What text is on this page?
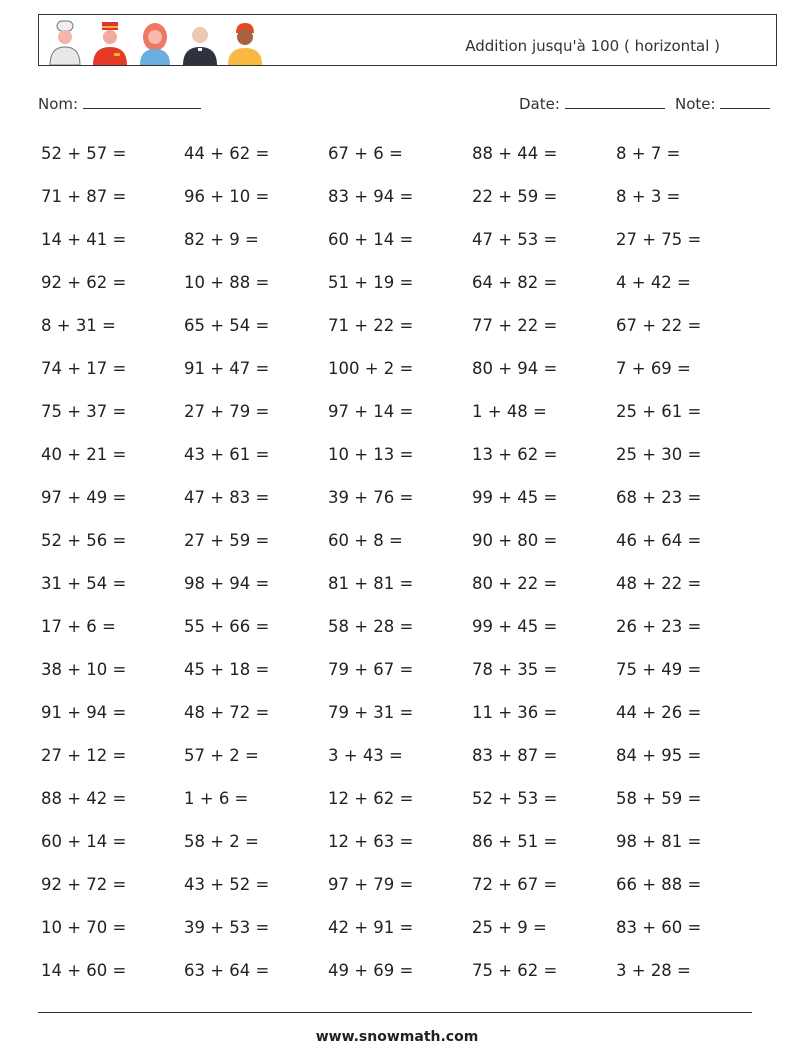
Addition jusqu'à 100 ( horizontal )
Nom:	Date:	Note:
52 + 57 =	44 + 62 =	67 + 6 =	88 + 44 =	8 + 7 =
71 + 87 =	96 + 10 =	83 + 94 =	22 + 59 =	8 + 3 =
14 + 41 =	82 + 9 =	60 + 14 =	47 + 53 =	27 + 75 =
92 + 62 =	10 + 88 =	51 + 19 =	64 + 82 =	4 + 42 =
8 + 31 =	65 + 54 =	71 + 22 =	77 + 22 =	67 + 22 =
74 + 17 =	91 + 47 =	100 + 2 =	80 + 94 =	7 + 69 =
75 + 37 =	27 + 79 =	97 + 14 =	1 + 48 =	25 + 61 =
40 + 21 =	43 + 61 =	10 + 13 =	13 + 62 =	25 + 30 =
97 + 49 =	47 + 83 =	39 + 76 =	99 + 45 =	68 + 23 =
52 + 56 =	27 + 59 =	60 + 8 =	90 + 80 =	46 + 64 =
31 + 54 =	98 + 94 =	81 + 81 =	80 + 22 =	48 + 22 =
17 + 6 =	55 + 66 =	58 + 28 =	99 + 45 =	26 + 23 =
38 + 10 =	45 + 18 =	79 + 67 =	78 + 35 =	75 + 49 =
91 + 94 =	48 + 72 =	79 + 31 =	11 + 36 =	44 + 26 =
27 + 12 =	57 + 2 =	3 + 43 =	83 + 87 =	84 + 95 =
88 + 42 =	1 + 6 =	12 + 62 =	52 + 53 =	58 + 59 =
60 + 14 =	58 + 2 =	12 + 63 =	86 + 51 =	98 + 81 =
92 + 72 =	43 + 52 =	97 + 79 =	72 + 67 =	66 + 88 =
10 + 70 =	39 + 53 =	42 + 91 =	25 + 9 =	83 + 60 =
14 + 60 =	63 + 64 =	49 + 69 =	75 + 62 =	3 + 28 =
www.snowmath.com
